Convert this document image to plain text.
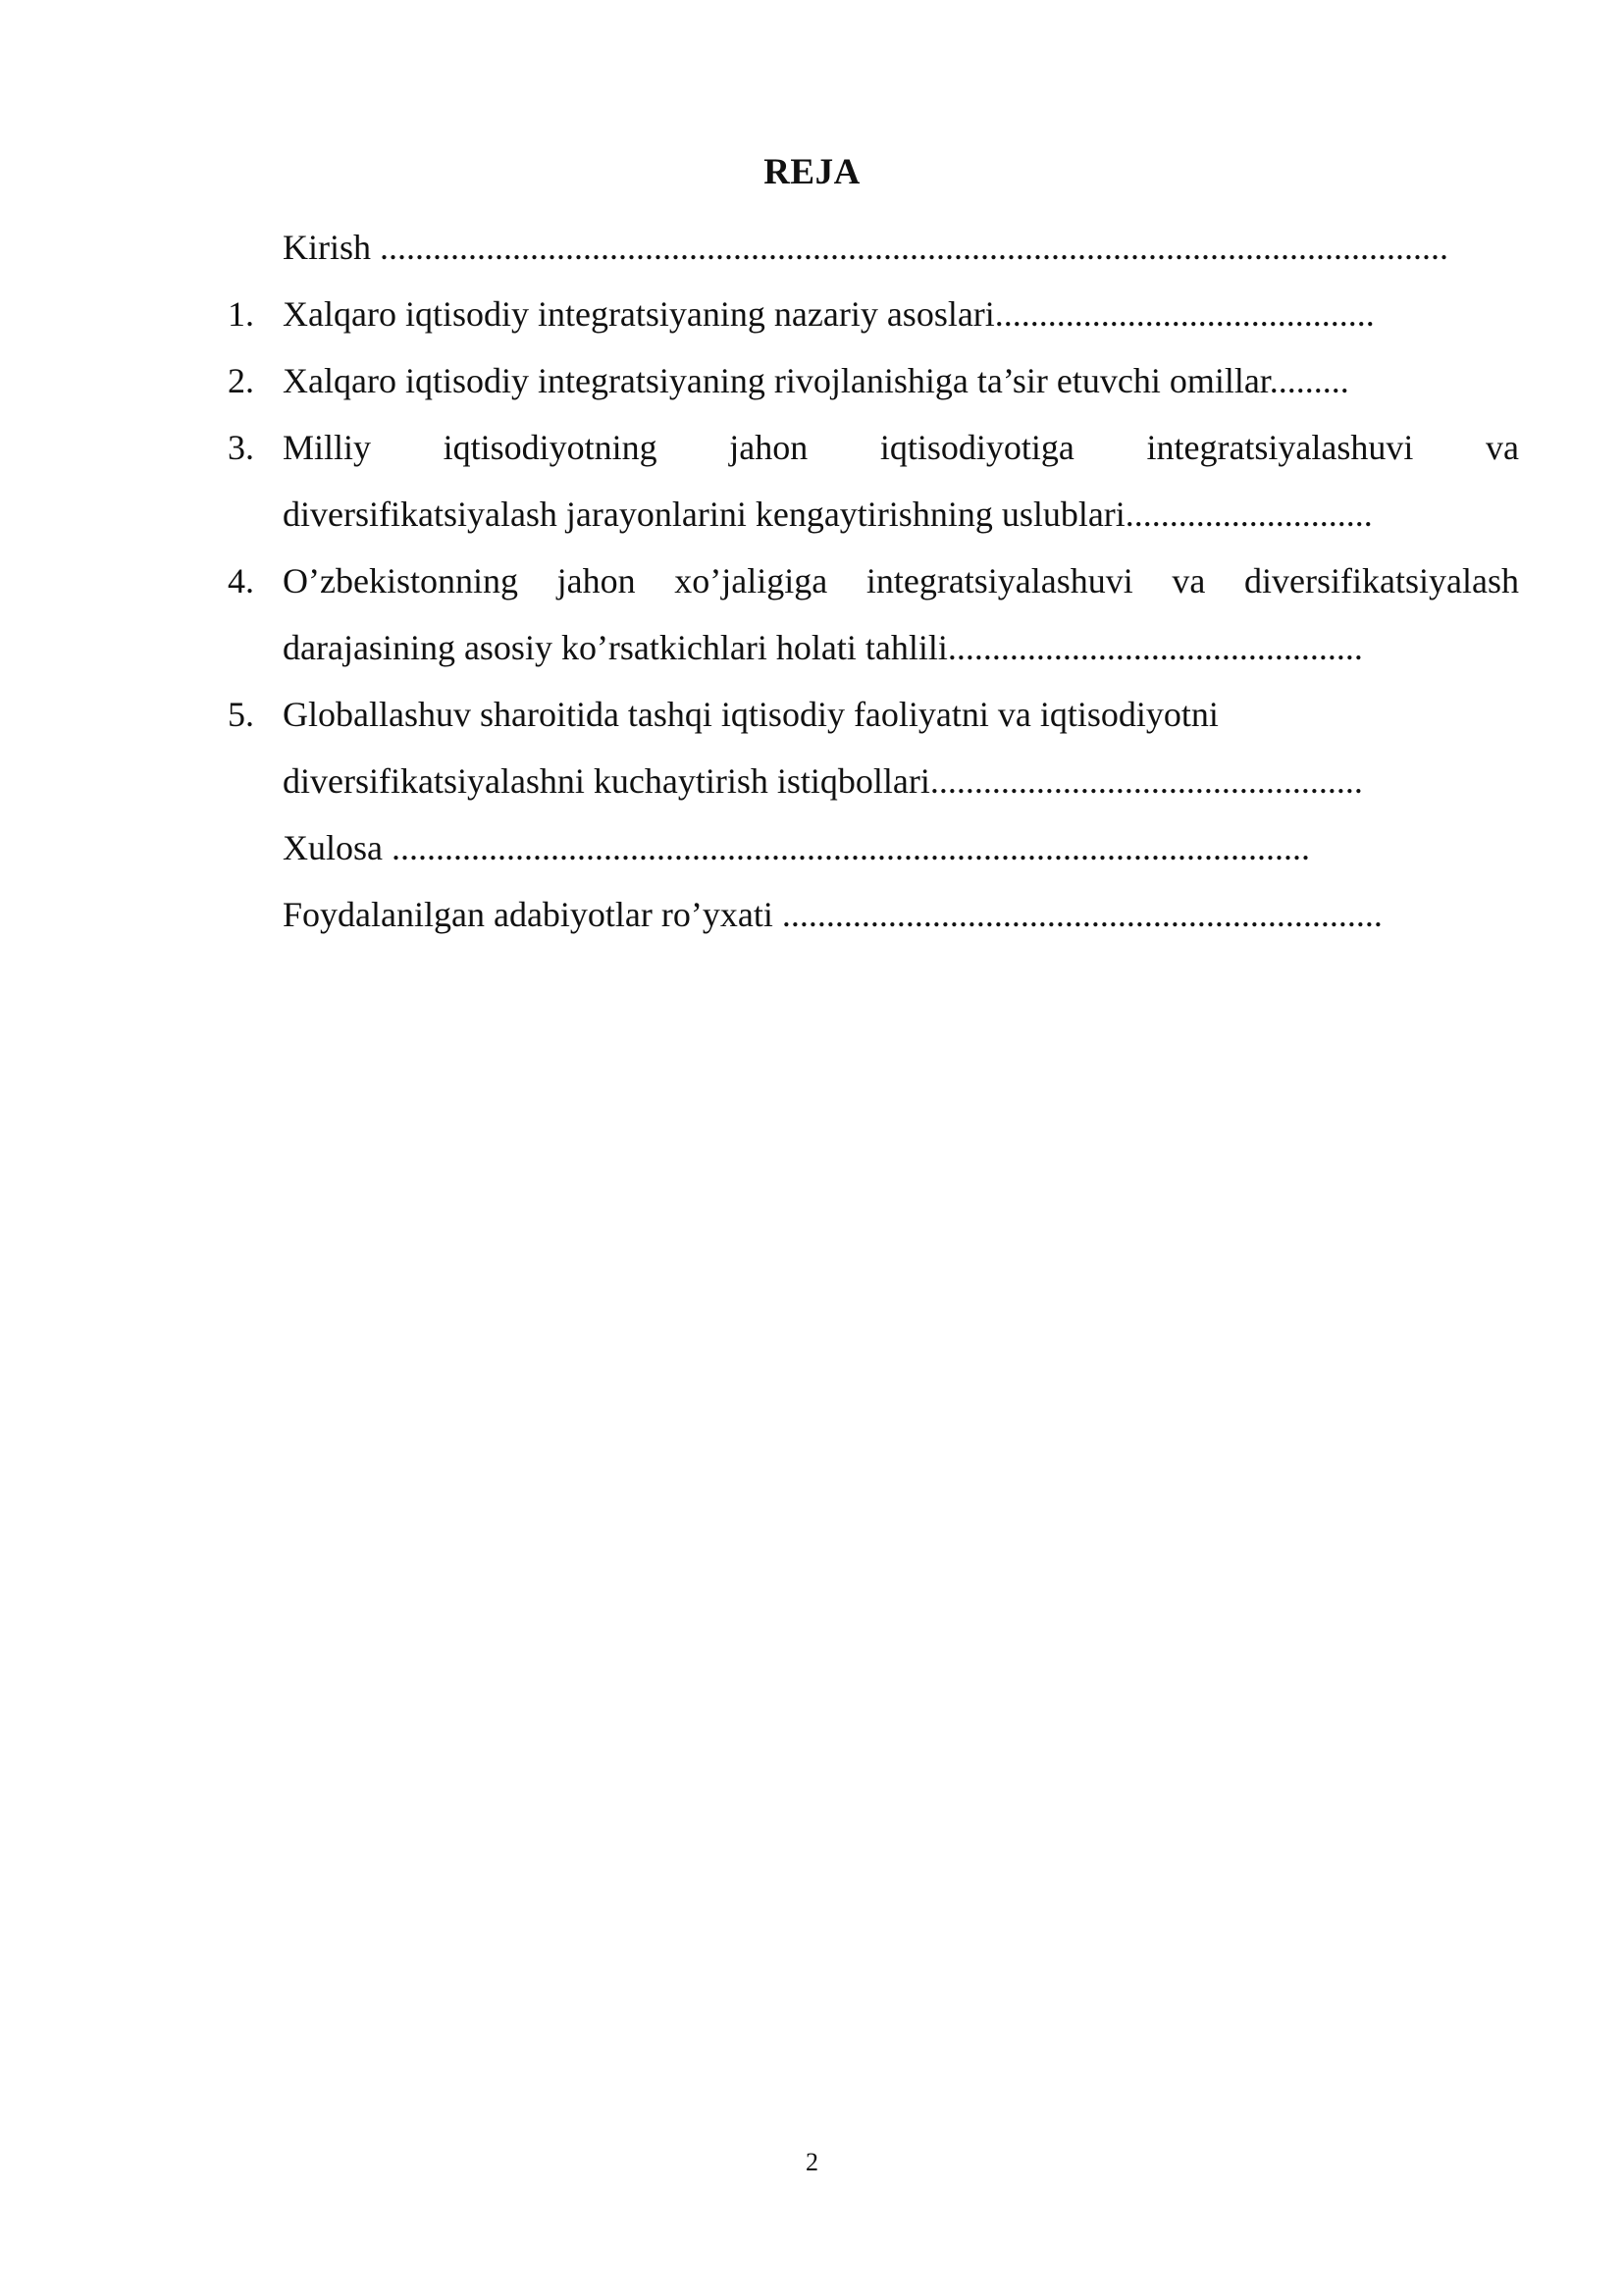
REJA
Kirish .........................................................................................................................
1. Xalqaro iqtisodiy integratsiyaning nazariy asoslari...........................................
2. Xalqaro iqtisodiy integratsiyaning rivojlanishiga ta’sir etuvchi omillar.........
3. Milliy iqtisodiyotning jahon iqtisodiyotiga integratsiyalashuvi va
diversifikatsiyalash jarayonlarini kengaytirishning uslublari............................
4. O’zbekistonning jahon xo’jaligiga integratsiyalashuvi va diversifikatsiyalash
darajasining asosiy ko’rsatkichlari holati tahlili...............................................
5. Globallashuv sharoitida tashqi iqtisodiy faoliyatni va iqtisodiyotni
diversifikatsiyalashni kuchaytirish istiqbollari.................................................
Xulosa ........................................................................................................
Foydalanilgan adabiyotlar ro’yxati ....................................................................
2
